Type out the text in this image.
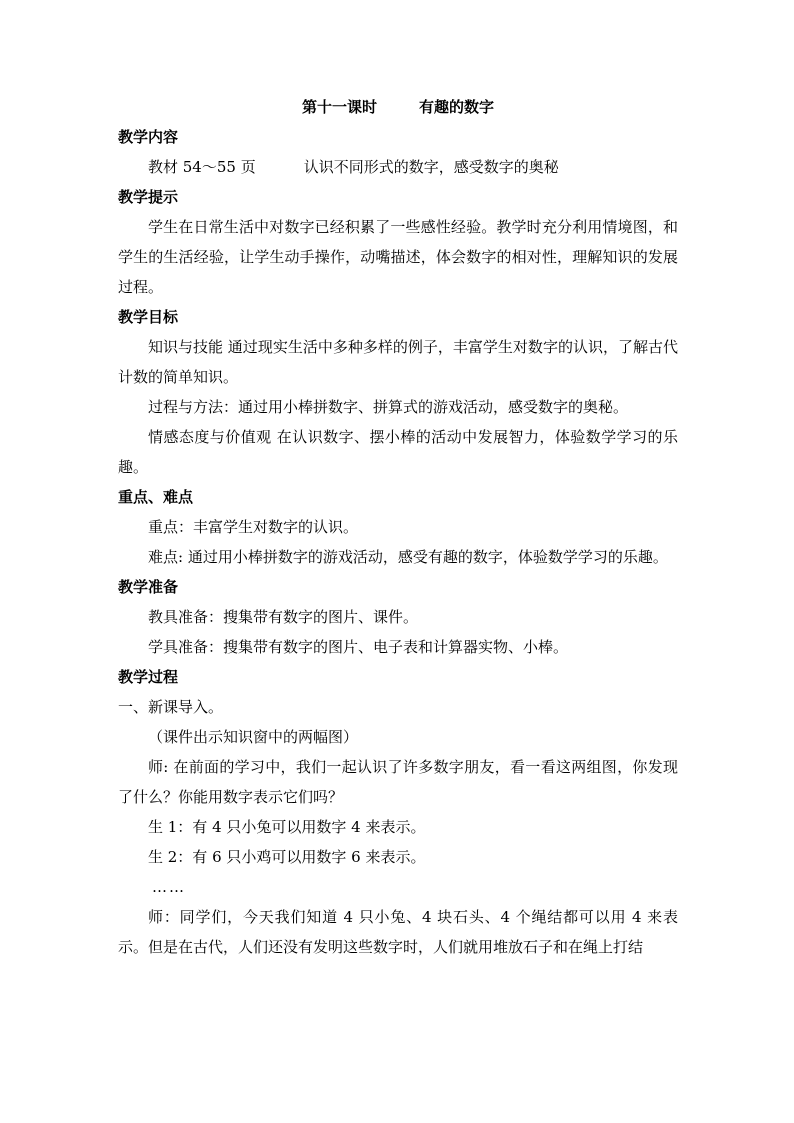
第十一课时	有趣的数字
教学内容
教材 54～55 页	认识不同形式的数字，感受数字的奥秘
教学提示
学生在日常生活中对数字已经积累了一些感性经验。教学时充分利用情境图，和学生的生活经验，让学生动手操作，动嘴描述，体会数字的相对性，理解知识的发展过程。
教学目标
知识与技能 通过现实生活中多种多样的例子，丰富学生对数字的认识，了解古代计数的简单知识。
过程与方法：通过用小棒拼数字、拼算式的游戏活动，感受数字的奥秘。
情感态度与价值观 在认识数字、摆小棒的活动中发展智力，体验数学学习的乐趣。
重点、难点
重点：丰富学生对数字的认识。
难点: 通过用小棒拼数字的游戏活动，感受有趣的数字，体验数学学习的乐趣。
教学准备
教具准备：搜集带有数字的图片、课件。
学具准备：搜集带有数字的图片、电子表和计算器实物、小棒。
教学过程
一、新课导入。
（课件出示知识窗中的两幅图）
师: 在前面的学习中，我们一起认识了许多数字朋友，看一看这两组图，你发现了什么？你能用数字表示它们吗？
生 1：有 4 只小兔可以用数字 4 来表示。
生 2：有 6 只小鸡可以用数字 6 来表示。
……
师：同学们，今天我们知道 4 只小兔、4 块石头、4 个绳结都可以用 4 来表示。但是在古代，人们还没有发明这些数字时，人们就用堆放石子和在绳上打结
